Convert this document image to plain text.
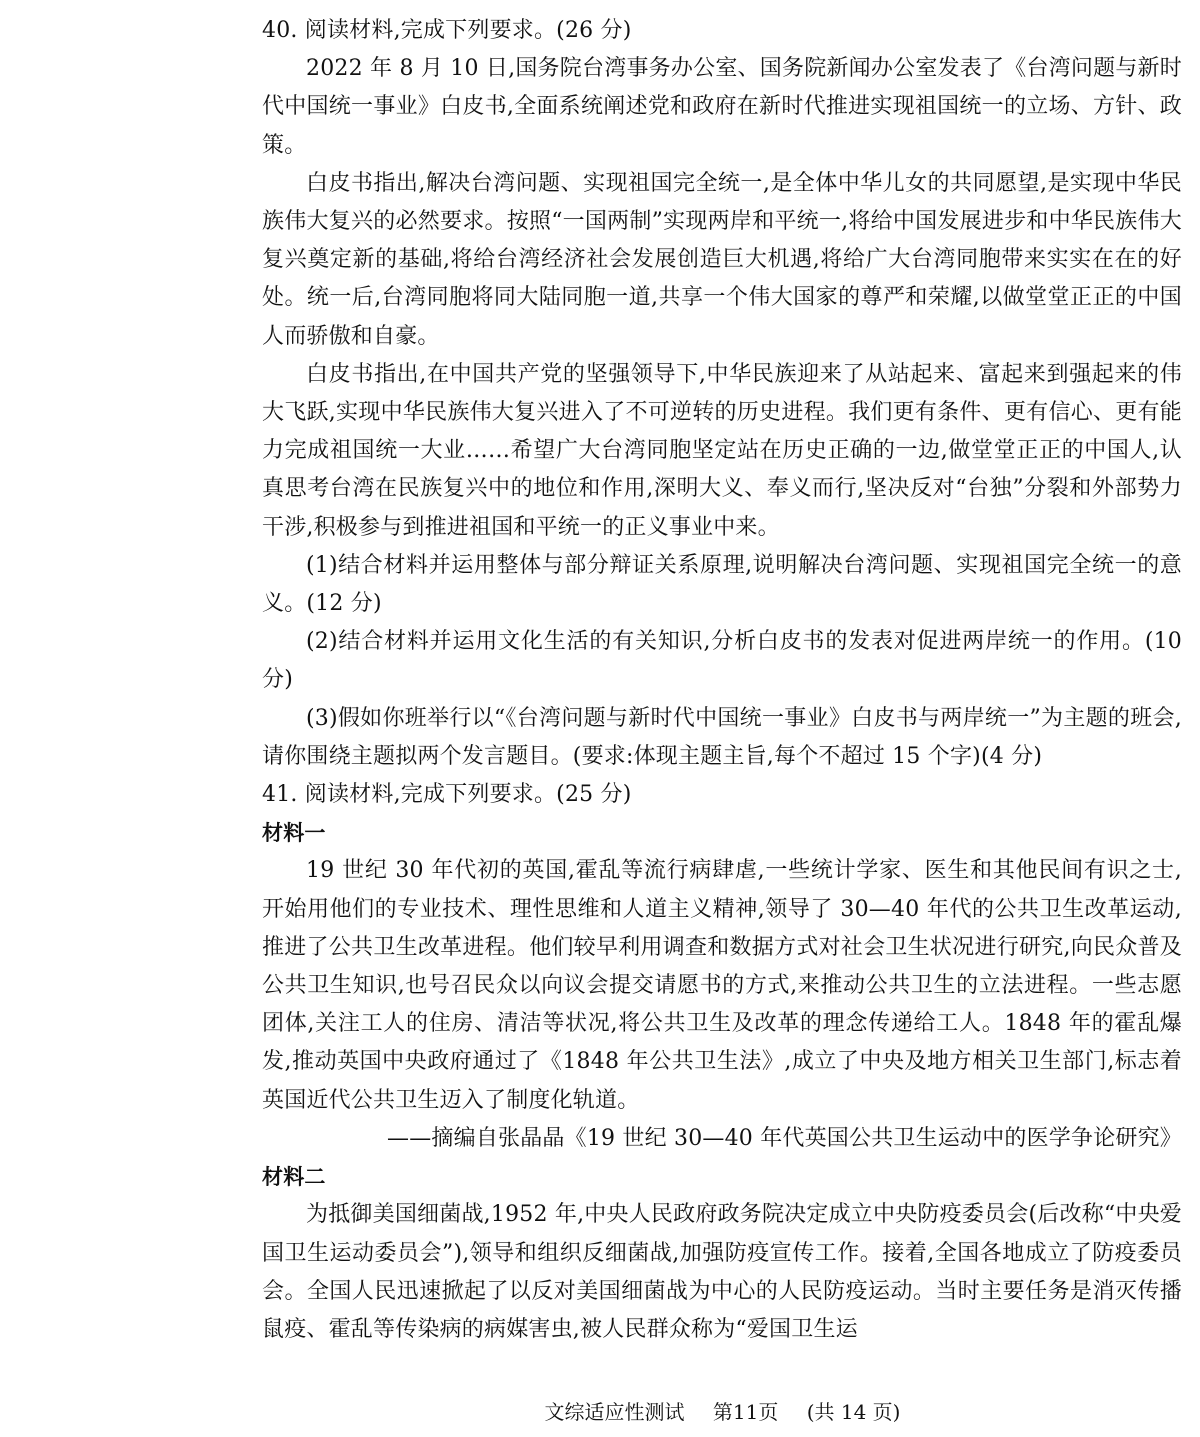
40. 阅读材料,完成下列要求。(26 分)

2022 年 8 月 10 日,国务院台湾事务办公室、国务院新闻办公室发表了《台湾问题与新时代中国统一事业》白皮书,全面系统阐述党和政府在新时代推进实现祖国统一的立场、方针、政策。

白皮书指出,解决台湾问题、实现祖国完全统一,是全体中华儿女的共同愿望,是实现中华民族伟大复兴的必然要求。按照“一国两制”实现两岸和平统一,将给中国发展进步和中华民族伟大复兴奠定新的基础,将给台湾经济社会发展创造巨大机遇,将给广大台湾同胞带来实实在在的好处。统一后,台湾同胞将同大陆同胞一道,共享一个伟大国家的尊严和荣耀,以做堂堂正正的中国人而骄傲和自豪。

白皮书指出,在中国共产党的坚强领导下,中华民族迎来了从站起来、富起来到强起来的伟大飞跃,实现中华民族伟大复兴进入了不可逆转的历史进程。我们更有条件、更有信心、更有能力完成祖国统一大业……希望广大台湾同胞坚定站在历史正确的一边,做堂堂正正的中国人,认真思考台湾在民族复兴中的地位和作用,深明大义、奉义而行,坚决反对“台独”分裂和外部势力干涉,积极参与到推进祖国和平统一的正义事业中来。

(1)结合材料并运用整体与部分辩证关系原理,说明解决台湾问题、实现祖国完全统一的意义。(12 分)

(2)结合材料并运用文化生活的有关知识,分析白皮书的发表对促进两岸统一的作用。(10 分)

(3)假如你班举行以“《台湾问题与新时代中国统一事业》白皮书与两岸统一”为主题的班会,请你围绕主题拟两个发言题目。(要求:体现主题主旨,每个不超过 15 个字)(4 分)

41. 阅读材料,完成下列要求。(25 分)

材料一

19 世纪 30 年代初的英国,霍乱等流行病肆虐,一些统计学家、医生和其他民间有识之士,开始用他们的专业技术、理性思维和人道主义精神,领导了 30—40 年代的公共卫生改革运动,推进了公共卫生改革进程。他们较早利用调查和数据方式对社会卫生状况进行研究,向民众普及公共卫生知识,也号召民众以向议会提交请愿书的方式,来推动公共卫生的立法进程。一些志愿团体,关注工人的住房、清洁等状况,将公共卫生及改革的理念传递给工人。1848 年的霍乱爆发,推动英国中央政府通过了《1848 年公共卫生法》,成立了中央及地方相关卫生部门,标志着英国近代公共卫生迈入了制度化轨道。

——摘编自张晶晶《19 世纪 30—40 年代英国公共卫生运动中的医学争论研究》

材料二

为抵御美国细菌战,1952 年,中央人民政府政务院决定成立中央防疫委员会(后改称“中央爱国卫生运动委员会”),领导和组织反细菌战,加强防疫宣传工作。接着,全国各地成立了防疫委员会。全国人民迅速掀起了以反对美国细菌战为中心的人民防疫运动。当时主要任务是消灭传播鼠疫、霍乱等传染病的病媒害虫,被人民群众称为“爱国卫生运

文综适应性测试 第11页 (共 14 页)
